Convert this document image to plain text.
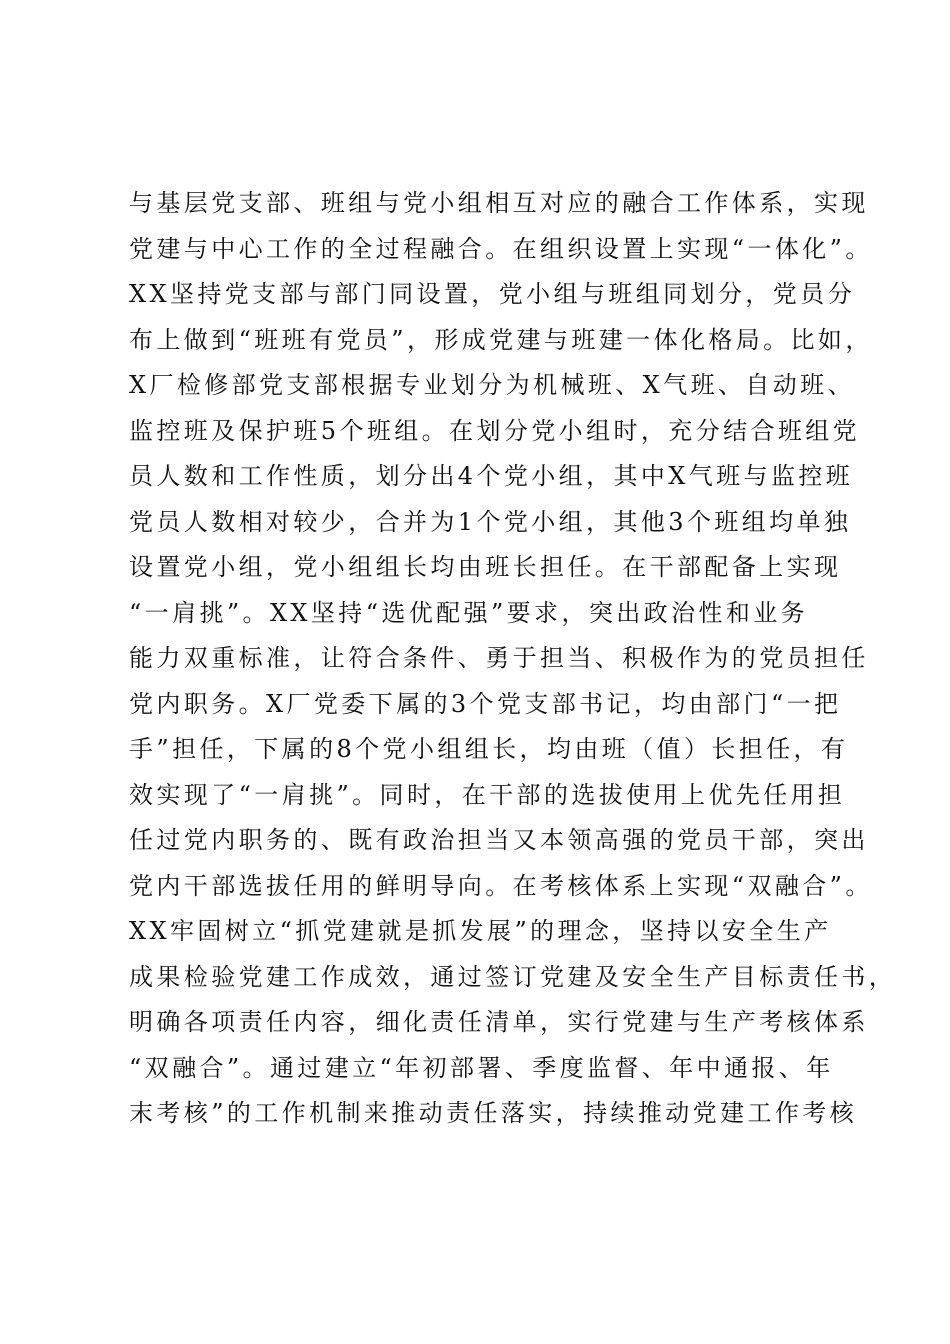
与基层党支部、班组与党小组相互对应的融合工作体系，实现
党建与中心工作的全过程融合。在组织设置上实现“一体化”。
XX坚持党支部与部门同设置，党小组与班组同划分，党员分
布上做到“班班有党员”，形成党建与班建一体化格局。比如，
X厂检修部党支部根据专业划分为机械班、X气班、自动班、
监控班及保护班5个班组。在划分党小组时，充分结合班组党
员人数和工作性质，划分出4个党小组，其中X气班与监控班
党员人数相对较少，合并为1个党小组，其他3个班组均单独
设置党小组，党小组组长均由班长担任。在干部配备上实现
“一肩挑”。XX坚持“选优配强”要求，突出政治性和业务
能力双重标准，让符合条件、勇于担当、积极作为的党员担任
党内职务。X厂党委下属的3个党支部书记，均由部门“一把
手”担任，下属的8个党小组组长，均由班（值）长担任，有
效实现了“一肩挑”。同时，在干部的选拔使用上优先任用担
任过党内职务的、既有政治担当又本领高强的党员干部，突出
党内干部选拔任用的鲜明导向。在考核体系上实现“双融合”。
XX牢固树立“抓党建就是抓发展”的理念，坚持以安全生产
成果检验党建工作成效，通过签订党建及安全生产目标责任书，
明确各项责任内容，细化责任清单，实行党建与生产考核体系
“双融合”。通过建立“年初部署、季度监督、年中通报、年
末考核”的工作机制来推动责任落实，持续推动党建工作考核
